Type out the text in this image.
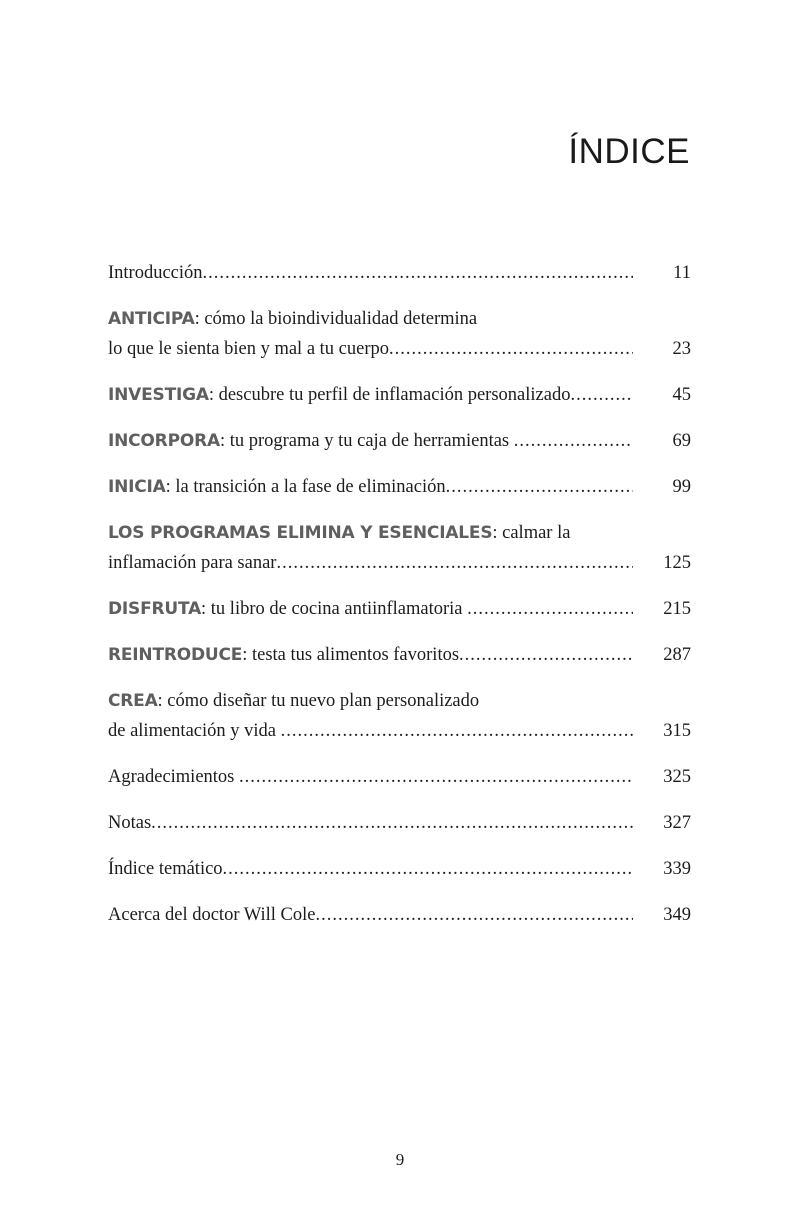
ÍNDICE
Introducción .....	11
ANTICIPA: cómo la bioindividualidad determina
lo que le sienta bien y mal a tu cuerpo .....	23
INVESTIGA: descubre tu perfil de inflamación personalizado .....	45
INCORPORA: tu programa y tu caja de herramientas .....	69
INICIA: la transición a la fase de eliminación .....	99
LOS PROGRAMAS ELIMINA Y ESENCIALES: calmar la
inflamación para sanar .....	125
DISFRUTA: tu libro de cocina antiinflamatoria .....	215
REINTRODUCE: testa tus alimentos favoritos .....	287
CREA: cómo diseñar tu nuevo plan personalizado
de alimentación y vida .....	315
Agradecimientos .....	325
Notas .....	327
Índice temático .....	339
Acerca del doctor Will Cole .....	349
9
